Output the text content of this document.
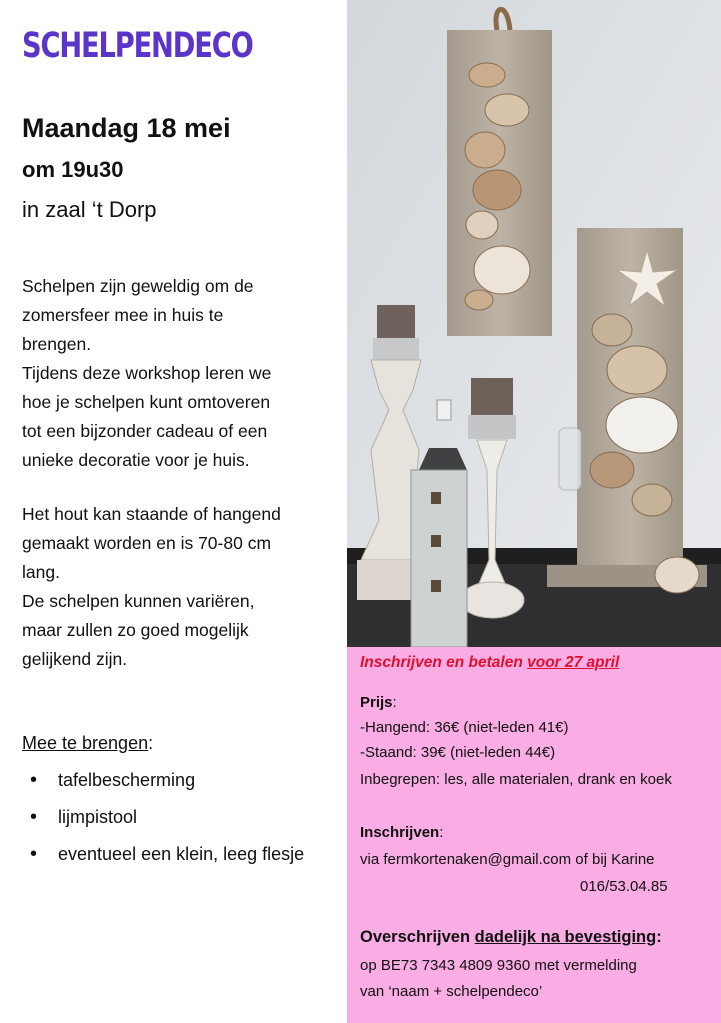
SCHELPENDECO

Maandag 18 mei

om 19u30

in zaal ‘t Dorp

Schelpen zijn geweldig om de
zomersfeer mee in huis te
brengen.
Tijdens deze workshop leren we
hoe je schelpen kunt omtoveren
tot een bijzonder cadeau of een
unieke decoratie voor je huis.
Het hout kan staande of hangend
gemaakt worden en is 70-80 cm
lang.
De schelpen kunnen variëren,
maar zullen zo goed mogelijk
gelijkend zijn.

Mee te brengen:

• tafelbescherming
• lijmpistool
• eventueel een klein, leeg flesje

Inschrijven en betalen voor 27 april

Prijs:

-Hangend: 36€ (niet-leden 41€)

-Staand: 39€ (niet-leden 44€)

Inbegrepen: les, alle materialen, drank en koek

Inschrijven:

via fermkortenaken@gmail.com of bij Karine

016/53.04.85

Overschrijven dadelijk na bevestiging:

op BE73 7343 4809 9360 met vermelding

van ‘naam + schelpendeco’
